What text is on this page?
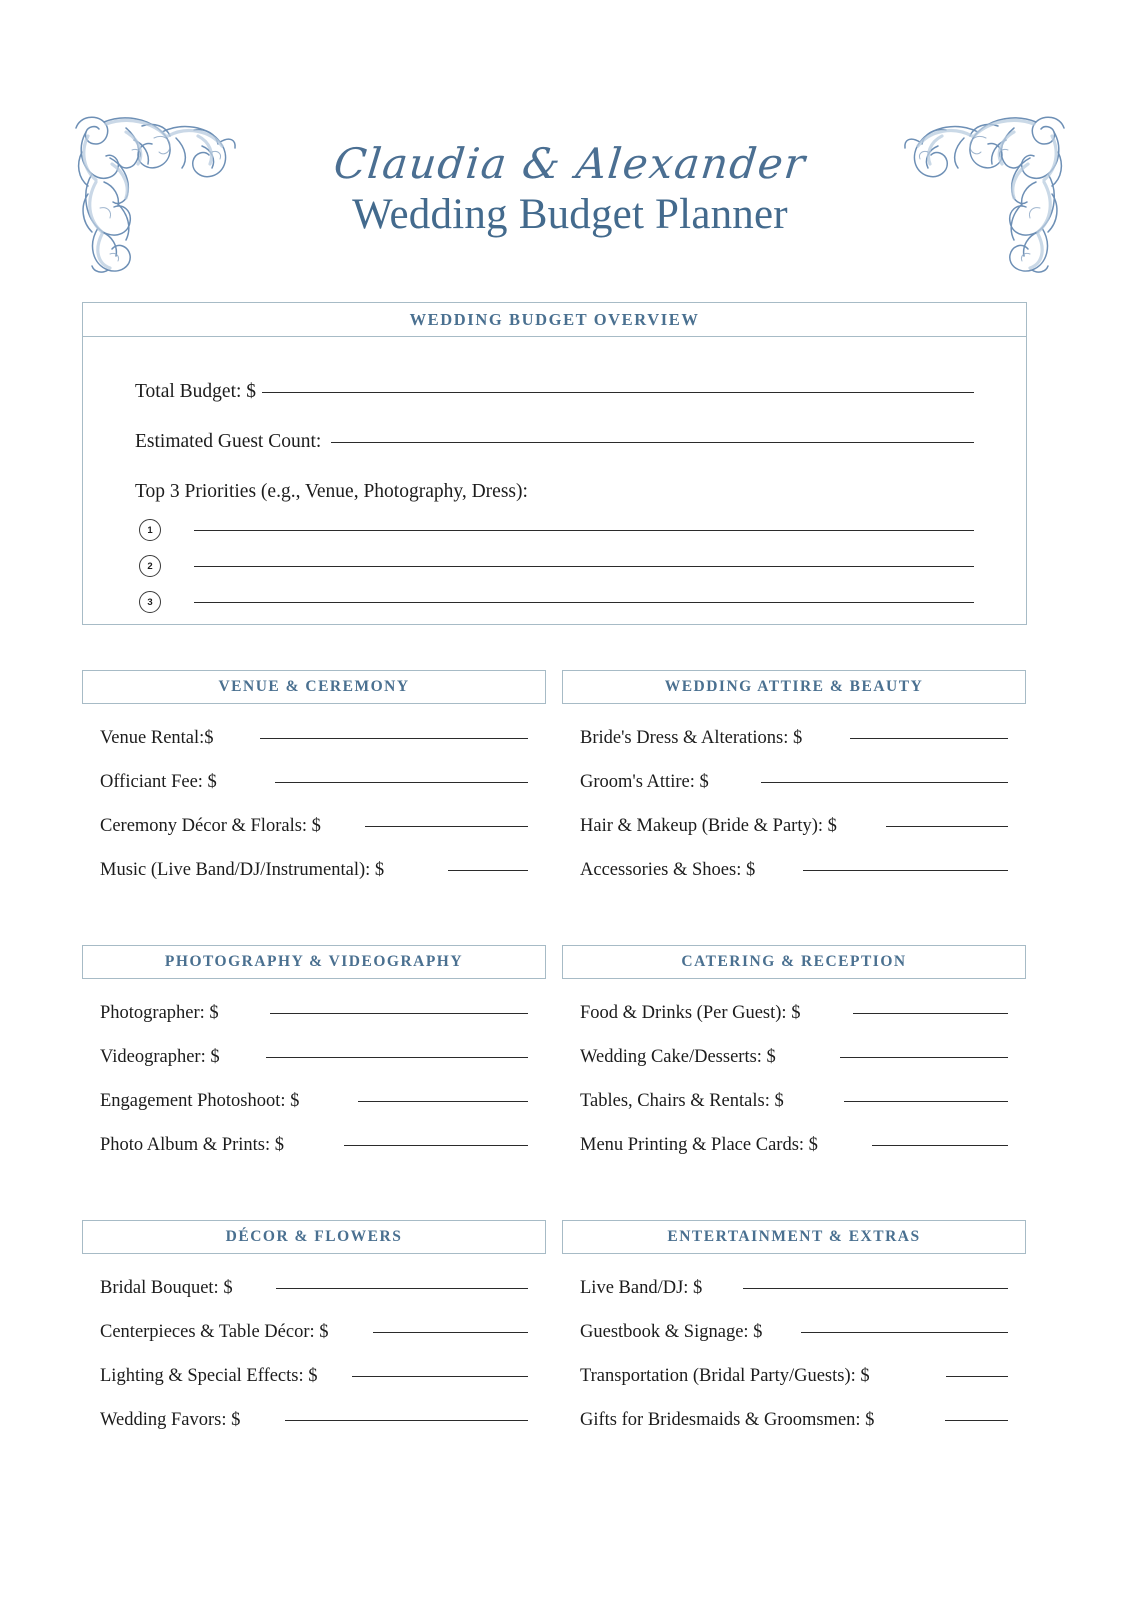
Claudia & Alexander
Wedding Budget Planner
WEDDING BUDGET OVERVIEW
Total Budget: $
Estimated Guest Count:
Top 3 Priorities (e.g., Venue, Photography, Dress):
1
2
3
VENUE & CEREMONY
Venue Rental:$
Officiant Fee: $
Ceremony Décor & Florals: $
Music (Live Band/DJ/Instrumental): $
WEDDING ATTIRE & BEAUTY
Bride's Dress & Alterations: $
Groom's Attire: $
Hair & Makeup (Bride & Party): $
Accessories & Shoes: $
PHOTOGRAPHY & VIDEOGRAPHY
Photographer: $
Videographer: $
Engagement Photoshoot: $
Photo Album & Prints: $
CATERING & RECEPTION
Food & Drinks (Per Guest): $
Wedding Cake/Desserts: $
Tables, Chairs & Rentals: $
Menu Printing & Place Cards: $
DÉCOR & FLOWERS
Bridal Bouquet: $
Centerpieces & Table Décor: $
Lighting & Special Effects: $
Wedding Favors: $
ENTERTAINMENT & EXTRAS
Live Band/DJ: $
Guestbook & Signage: $
Transportation (Bridal Party/Guests): $
Gifts for Bridesmaids & Groomsmen: $
